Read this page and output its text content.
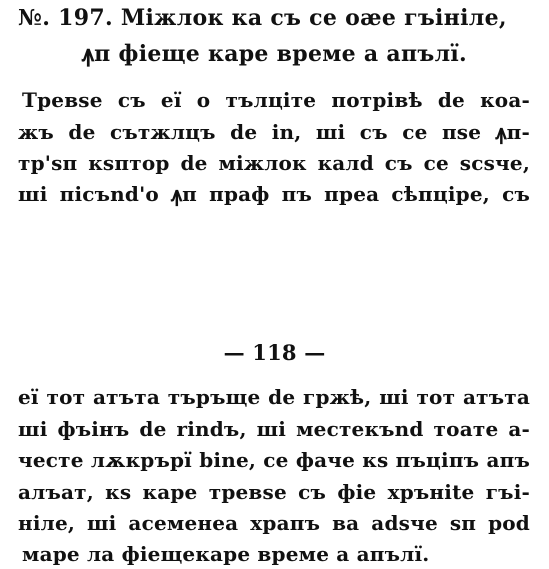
№. 197. Міжлок ка съ се оӕе гъініле,
ꙟп фіеще каре време а апълї.
Тревѕе съ еї о тълціте потрівѣ de коа-
жъ de сътжлцъ de in, ші съ се пѕе ꙟп-
тр'ѕп кѕптор de міжлок калd съ се ѕсѕче,
ші пісъnd'о ꙟп праф пъ преа сѣпціре, съ
— 118 —
еї тот атъта търъще de гржѣ, ші тот атъта
ші фъінъ de rindъ, ші местекъnd тоате а-
честе лѫкрърї bine, се фаче кѕ пъціпъ апъ
алъат, кѕ каре тревѕе съ фіе хрънite гъі-
ніле, ші асеменеа храпъ ва adѕче ѕп pod
маре ла фіещекаре време а апълї.
